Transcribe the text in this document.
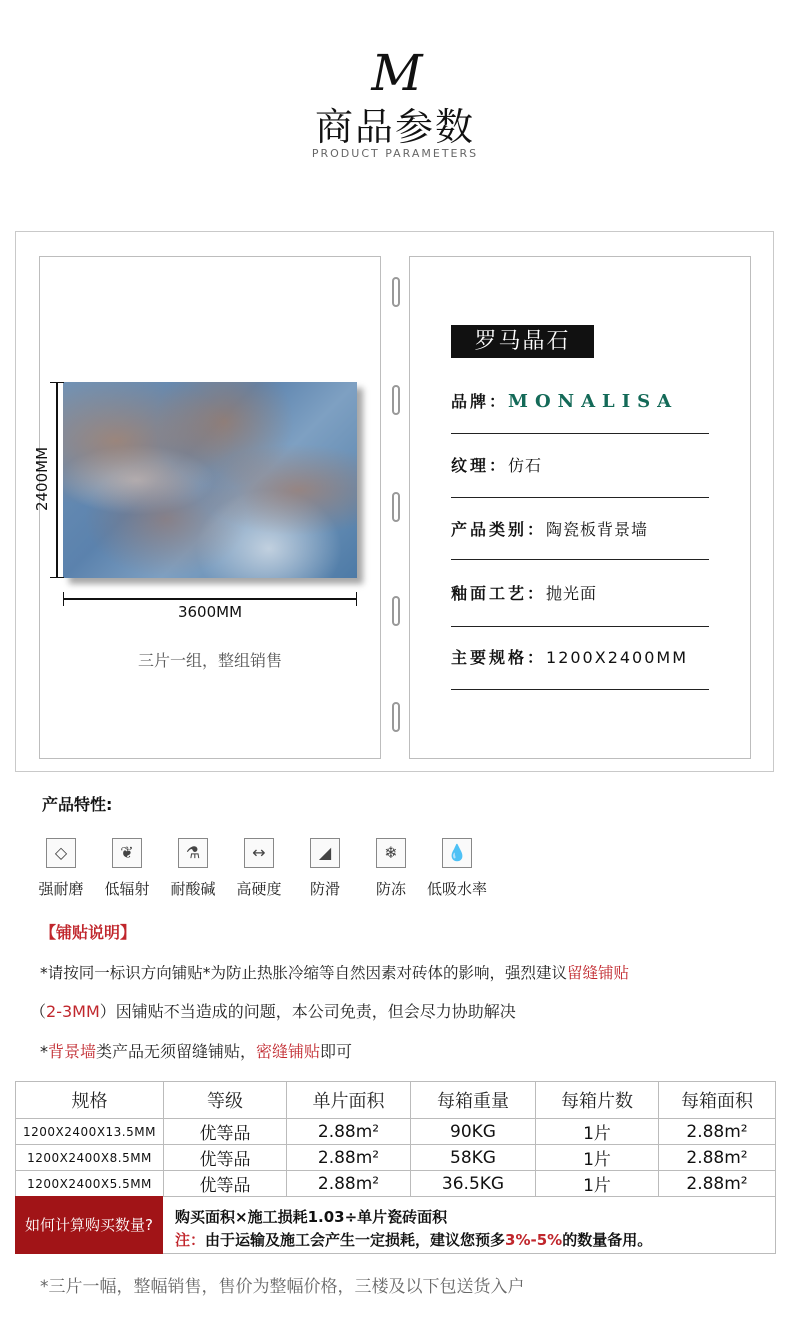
M
商品参数
PRODUCT PARAMETERS
2400MM
3600MM
三片一组，整组销售
罗马晶石
品牌：MONALISA
纹理：仿石
产品类别：陶瓷板背景墙
釉面工艺：抛光面
主要规格：1200X2400MM
产品特性:
◇
强耐磨
❦
低辐射
⚗
耐酸碱
↔
高硬度
◢
防滑
❄
防冻
💧
低吸水率
【铺贴说明】
*请按同一标识方向铺贴*为防止热胀冷缩等自然因素对砖体的影响，强烈建议留缝铺贴
（2-3MM）因铺贴不当造成的问题，本公司免责，但会尽力协助解决
*背景墙类产品无须留缝铺贴，密缝铺贴即可
规格	等级	单片面积	每箱重量	每箱片数	每箱面积
1200X2400X13.5MM	优等品	2.88m²	90KG	1片	2.88m²
1200X2400X8.5MM	优等品	2.88m²	58KG	1片	2.88m²
1200X2400X5.5MM	优等品	2.88m²	36.5KG	1片	2.88m²
如何计算购买数量?	购买面积×施工损耗1.03÷单片瓷砖面积
注：由于运输及施工会产生一定损耗，建议您预多3%-5%的数量备用。
*三片一幅，整幅销售，售价为整幅价格，三楼及以下包送货入户
